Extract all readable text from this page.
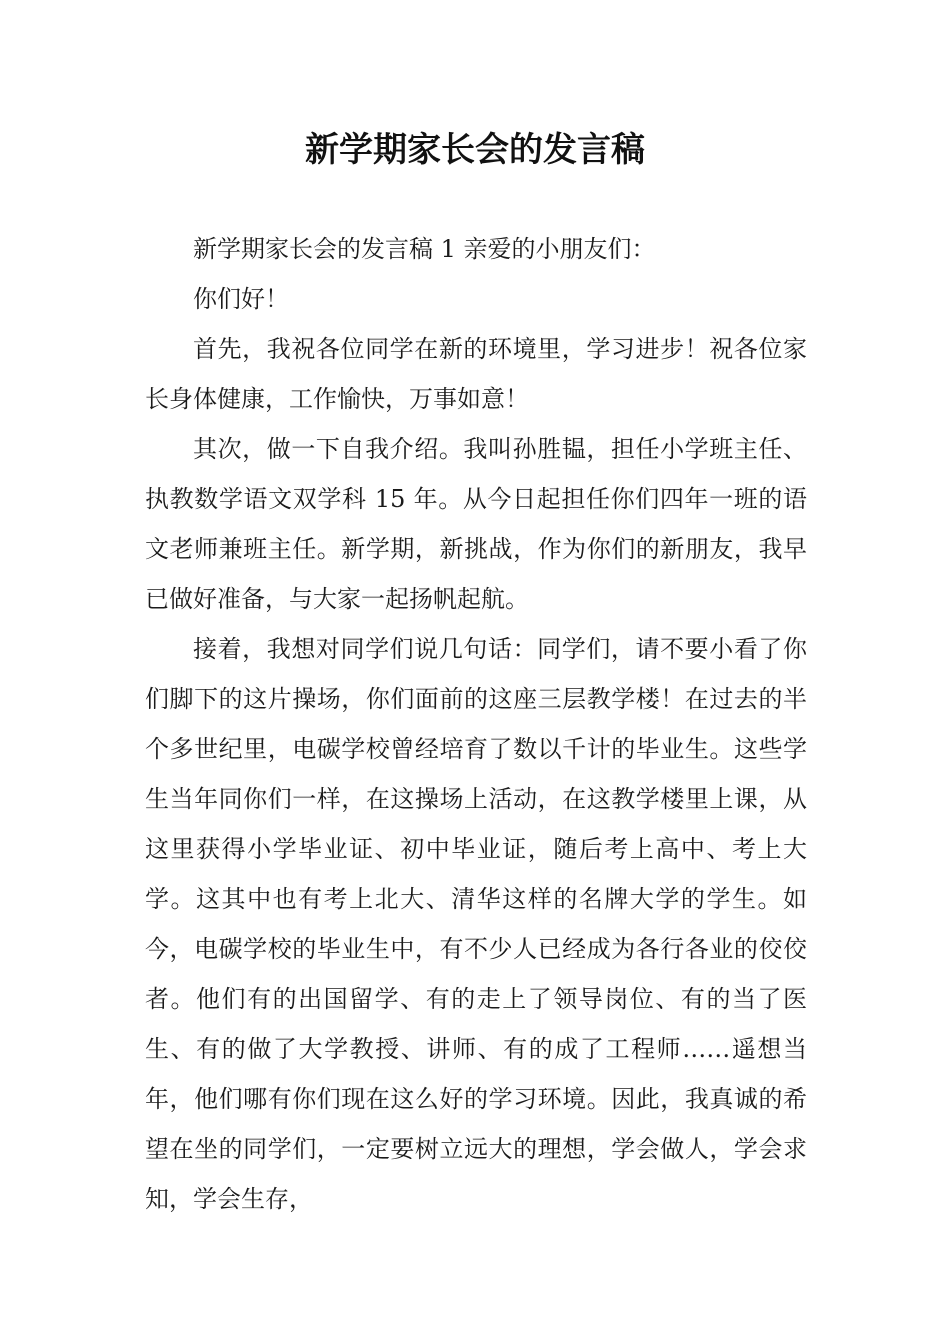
新学期家长会的发言稿

新学期家长会的发言稿 1 亲爱的小朋友们：

你们好！

首先，我祝各位同学在新的环境里，学习进步！祝各位家长身体健康，工作愉快，万事如意！

其次，做一下自我介绍。我叫孙胜韫，担任小学班主任、执教数学语文双学科 15 年。从今日起担任你们四年一班的语文老师兼班主任。新学期，新挑战，作为你们的新朋友，我早已做好准备，与大家一起扬帆起航。

接着，我想对同学们说几句话：同学们，请不要小看了你们脚下的这片操场，你们面前的这座三层教学楼！在过去的半个多世纪里，电碳学校曾经培育了数以千计的毕业生。这些学生当年同你们一样，在这操场上活动，在这教学楼里上课，从这里获得小学毕业证、初中毕业证，随后考上高中、考上大学。这其中也有考上北大、清华这样的名牌大学的学生。如今，电碳学校的毕业生中，有不少人已经成为各行各业的佼佼者。他们有的出国留学、有的走上了领导岗位、有的当了医生、有的做了大学教授、讲师、有的成了工程师……遥想当年，他们哪有你们现在这么好的学习环境。因此，我真诚的希望在坐的同学们，一定要树立远大的理想，学会做人，学会求知，学会生存，
